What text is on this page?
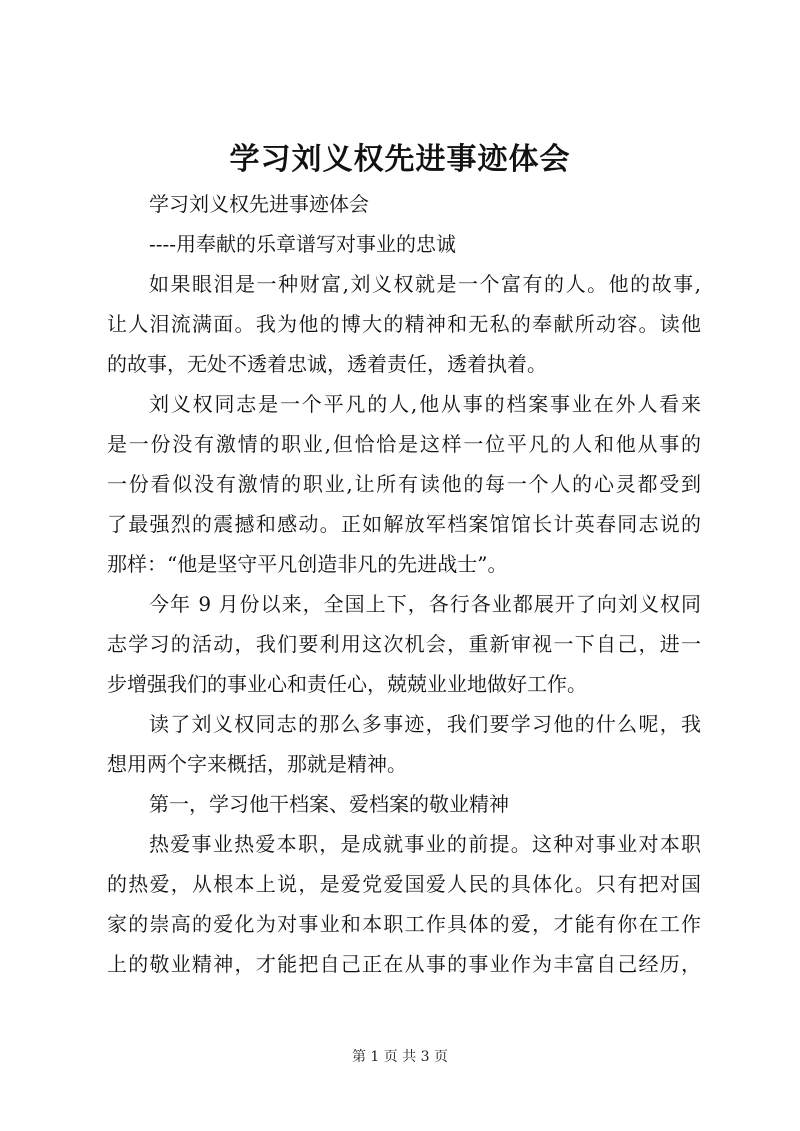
学习刘义权先进事迹体会
学习刘义权先进事迹体会
----用奉献的乐章谱写对事业的忠诚
如果眼泪是一种财富,刘义权就是一个富有的人。他的故事,
让人泪流满面。我为他的博大的精神和无私的奉献所动容。读他
的故事，无处不透着忠诚，透着责任，透着执着。
刘义权同志是一个平凡的人,他从事的档案事业在外人看来
是一份没有激情的职业,但恰恰是这样一位平凡的人和他从事的
一份看似没有激情的职业,让所有读他的每一个人的心灵都受到
了最强烈的震撼和感动。正如解放军档案馆馆长计英春同志说的
那样：“他是坚守平凡创造非凡的先进战士”。
今年 9 月份以来，全国上下，各行各业都展开了向刘义权同
志学习的活动，我们要利用这次机会，重新审视一下自己，进一
步增强我们的事业心和责任心，兢兢业业地做好工作。
读了刘义权同志的那么多事迹，我们要学习他的什么呢，我
想用两个字来概括，那就是精神。
第一，学习他干档案、爱档案的敬业精神
热爱事业热爱本职，是成就事业的前提。这种对事业对本职
的热爱，从根本上说，是爱党爱国爱人民的具体化。只有把对国
家的崇高的爱化为对事业和本职工作具体的爱，才能有你在工作
上的敬业精神，才能把自己正在从事的事业作为丰富自己经历，
第 1 页 共 3 页
